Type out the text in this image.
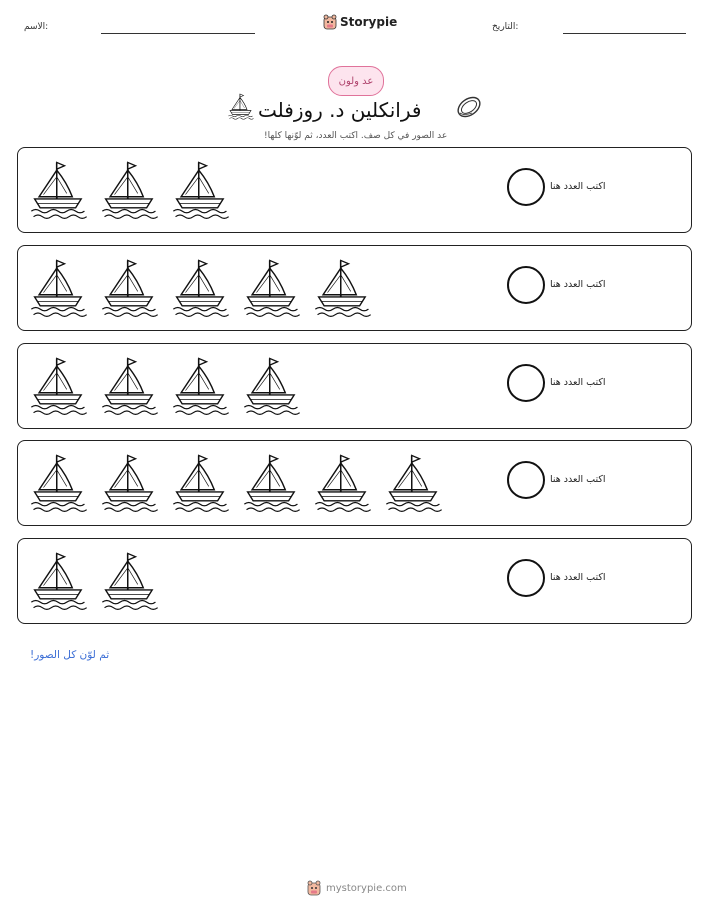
الاسم:	Storypie	التاريخ:
عد ولون
فرانكلين د. روزفلت
عد الصور في كل صف. اكتب العدد، ثم لوّنها كلها!
اكتب العدد هنا
اكتب العدد هنا
اكتب العدد هنا
اكتب العدد هنا
اكتب العدد هنا
ثم لوّن كل الصور!
mystorypie.com
